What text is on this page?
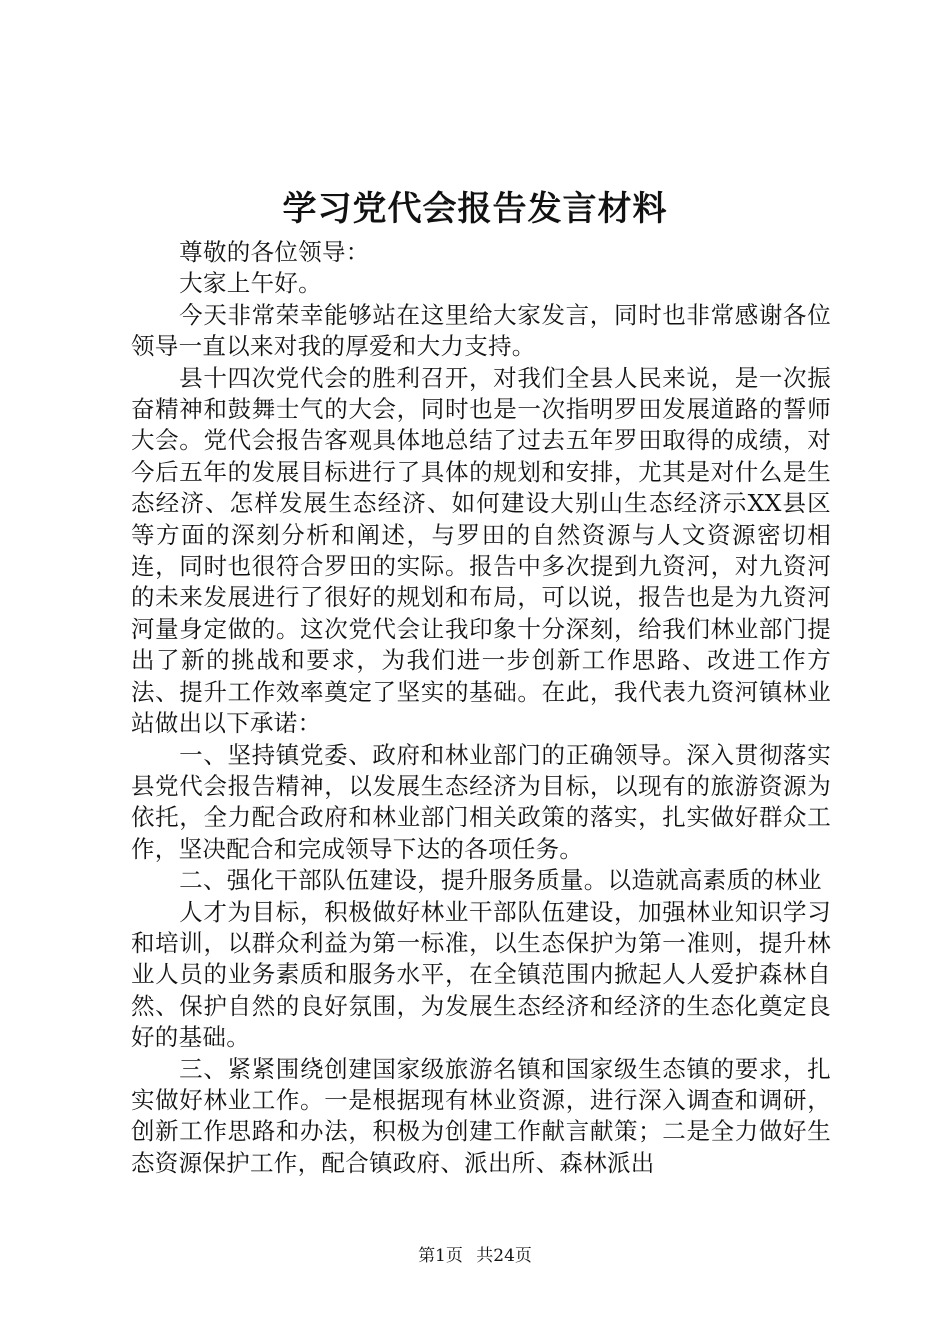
学习党代会报告发言材料

尊敬的各位领导：

大家上午好。

今天非常荣幸能够站在这里给大家发言，同时也非常感谢各位领导一直以来对我的厚爱和大力支持。

县十四次党代会的胜利召开，对我们全县人民来说，是一次振奋精神和鼓舞士气的大会，同时也是一次指明罗田发展道路的誓师大会。党代会报告客观具体地总结了过去五年罗田取得的成绩，对今后五年的发展目标进行了具体的规划和安排，尤其是对什么是生态经济、怎样发展生态经济、如何建设大别山生态经济示XX县区等方面的深刻分析和阐述，与罗田的自然资源与人文资源密切相连，同时也很符合罗田的实际。报告中多次提到九资河，对九资河的未来发展进行了很好的规划和布局，可以说，报告也是为九资河河量身定做的。这次党代会让我印象十分深刻，给我们林业部门提出了新的挑战和要求，为我们进一步创新工作思路、改进工作方法、提升工作效率奠定了坚实的基础。在此，我代表九资河镇林业站做出以下承诺：

一、坚持镇党委、政府和林业部门的正确领导。深入贯彻落实县党代会报告精神，以发展生态经济为目标，以现有的旅游资源为依托，全力配合政府和林业部门相关政策的落实，扎实做好群众工作，坚决配合和完成领导下达的各项任务。

二、强化干部队伍建设，提升服务质量。以造就高素质的林业

人才为目标，积极做好林业干部队伍建设，加强林业知识学习和培训，以群众利益为第一标准，以生态保护为第一准则，提升林业人员的业务素质和服务水平，在全镇范围内掀起人人爱护森林自然、保护自然的良好氛围，为发展生态经济和经济的生态化奠定良好的基础。

三、紧紧围绕创建国家级旅游名镇和国家级生态镇的要求，扎实做好林业工作。一是根据现有林业资源，进行深入调查和调研，创新工作思路和办法，积极为创建工作献言献策；二是全力做好生态资源保护工作，配合镇政府、派出所、森林派出

第1页 共24页
